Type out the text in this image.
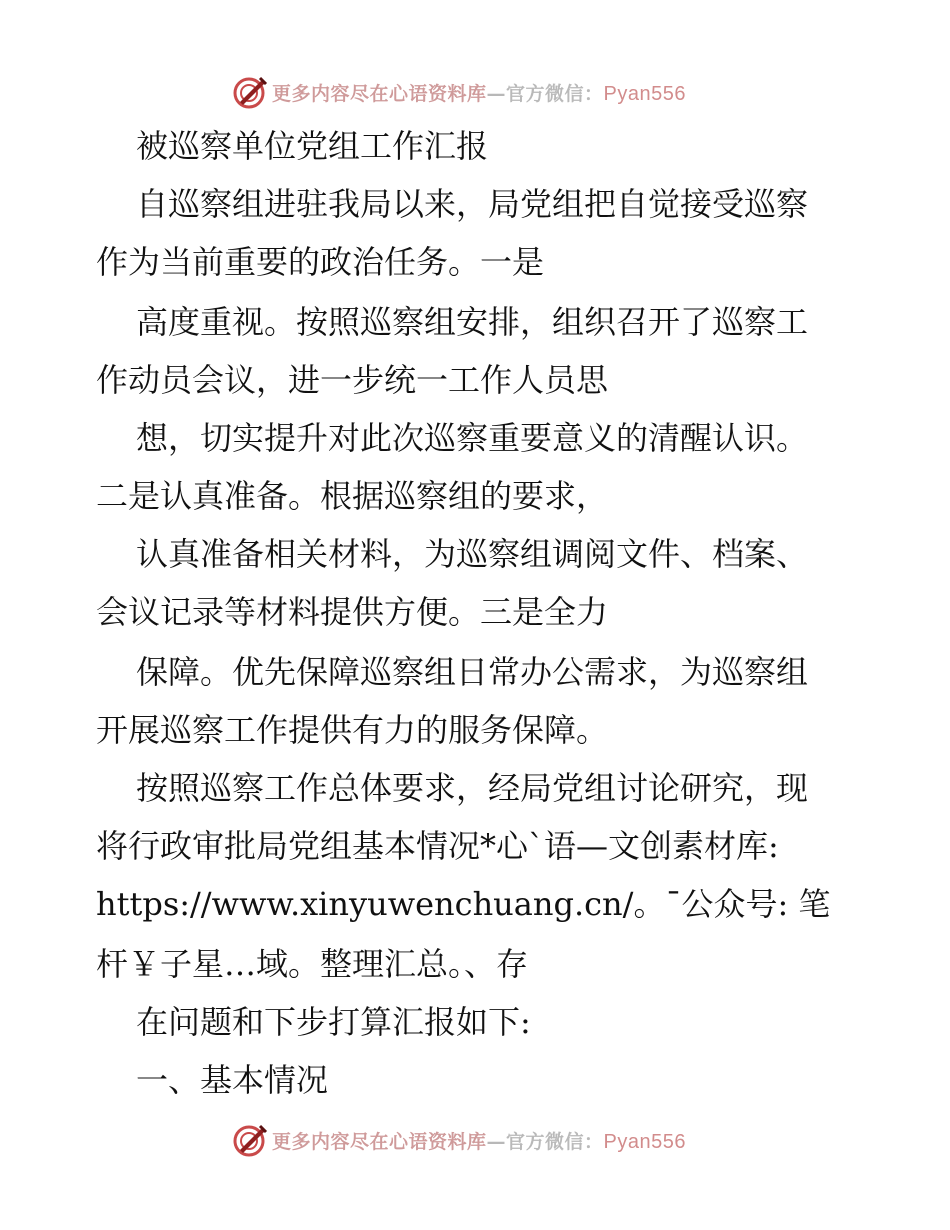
更多内容尽在心语资料库—官方微信：Pyan556
被巡察单位党组工作汇报
自巡察组进驻我局以来，局党组把自觉接受巡察
作为当前重要的政治任务。一是
高度重视。按照巡察组安排，组织召开了巡察工
作动员会议，进一步统一工作人员思
想，切实提升对此次巡察重要意义的清醒认识。
二是认真准备。根据巡察组的要求，
认真准备相关材料，为巡察组调阅文件、档案、
会议记录等材料提供方便。三是全力
保障。优先保障巡察组日常办公需求，为巡察组
开展巡察工作提供有力的服务保障。
按照巡察工作总体要求，经局党组讨论研究，现
将行政审批局党组基本情况*心`语—文创素材库:
https://www.xinyuwenchuang.cn/。¯公众号: 笔
杆￥子星…域。整理汇总。、存
在问题和下步打算汇报如下:
一、基本情况
更多内容尽在心语资料库—官方微信：Pyan556
